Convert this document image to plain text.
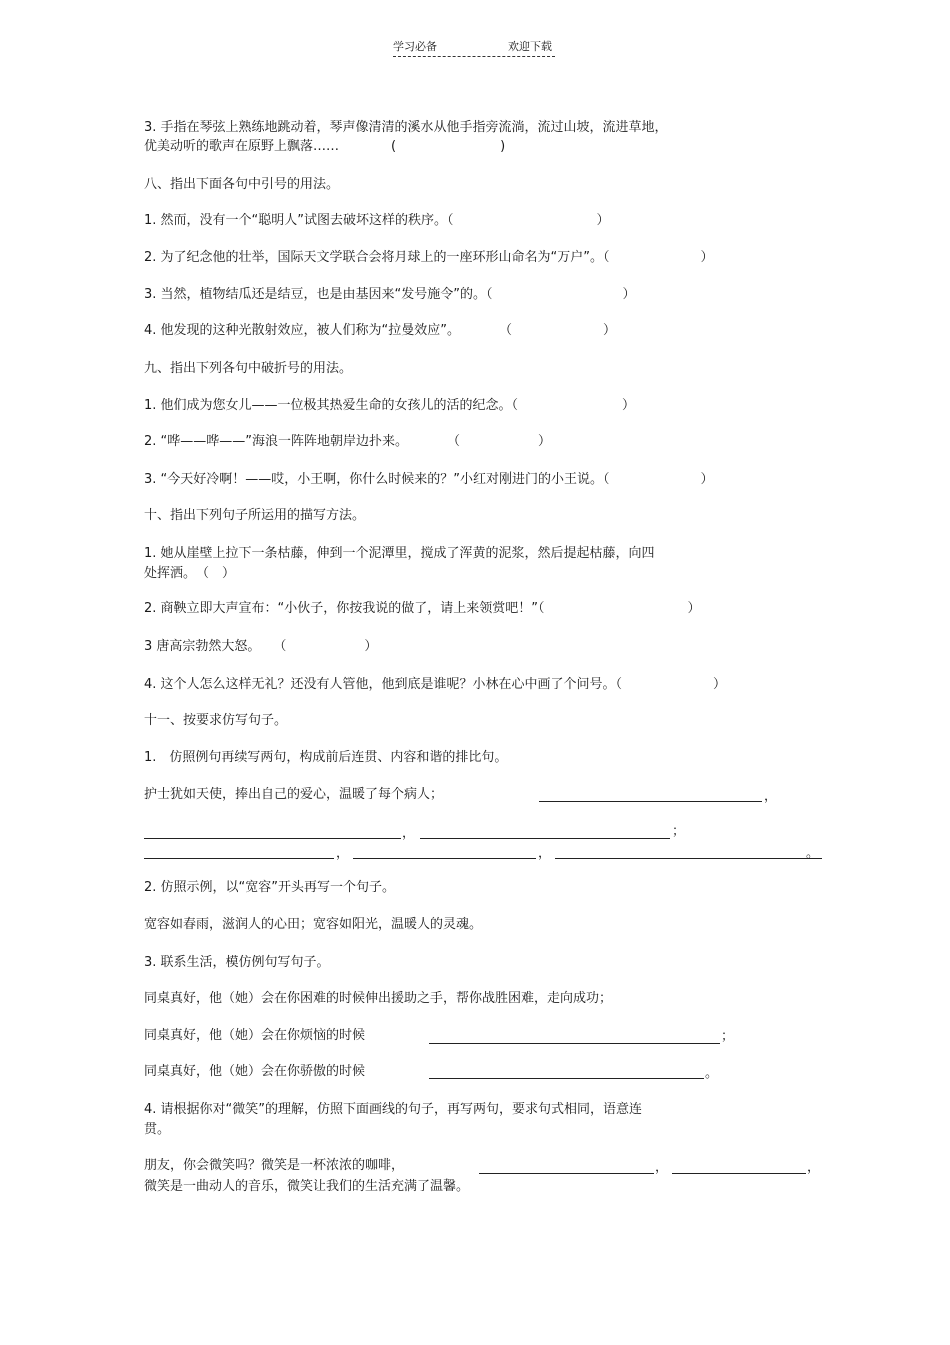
学习必备	欢迎下载
3. 手指在琴弦上熟练地跳动着，琴声像清清的溪水从他手指旁流淌，流过山坡，流进草地，
优美动听的歌声在原野上飘落……　　　　(　　　　　　　　)
八、指出下面各句中引号的用法。
1. 然而，没有一个“聪明人”试图去破坏这样的秩序。（　　　　　　　　　　　）
2. 为了纪念他的壮举，国际天文学联合会将月球上的一座环形山命名为“万户”。（　　　　　　　）
3. 当然，植物结瓜还是结豆，也是由基因来“发号施令”的。（　　　　　　　　　　）
4. 他发现的这种光散射效应，被人们称为“拉曼效应”。　　　　（　　　　　　　）
九、指出下列各句中破折号的用法。
1. 他们成为您女儿——一位极其热爱生命的女孩儿的活的纪念。（　　　　　　　　）
2. “哗——哗——”海浪一阵阵地朝岸边扑来。　　　　（　　　　　　）
3. “今天好冷啊！——哎，小王啊，你什么时候来的？”小红对刚进门的小王说。（　　　　　　　）
十、指出下列句子所运用的描写方法。
1. 她从崖壁上拉下一条枯藤，伸到一个泥潭里，搅成了浑黄的泥浆，然后提起枯藤，向四
处挥洒。　（　）
2. 商鞅立即大声宣布：“小伙子，你按我说的做了，请上来领赏吧！”（　　　　　　　　　　　）
3 唐高宗勃然大怒。　　（　　　　　　）
4. 这个人怎么这样无礼？还没有人管他，他到底是谁呢？小林在心中画了个问号。（　　　　　　　）
十一、按要求仿写句子。
1.　仿照例句再续写两句，构成前后连贯、内容和谐的排比句。
护士犹如天使，捧出自己的爱心，温暖了每个病人；	，
，	；
，	，	。
2. 仿照示例，以“宽容”开头再写一个句子。
宽容如春雨，滋润人的心田；宽容如阳光，温暖人的灵魂。
3. 联系生活，模仿例句写句子。
同桌真好，他（她）会在你困难的时候伸出援助之手，帮你战胜困难，走向成功；
同桌真好，他（她）会在你烦恼的时候	；
同桌真好，他（她）会在你骄傲的时候	。
4. 请根据你对“微笑”的理解，仿照下面画线的句子，再写两句，要求句式相同，语意连
贯。
朋友，你会微笑吗？微笑是一杯浓浓的咖啡，	，	，
微笑是一曲动人的音乐，微笑让我们的生活充满了温馨。
